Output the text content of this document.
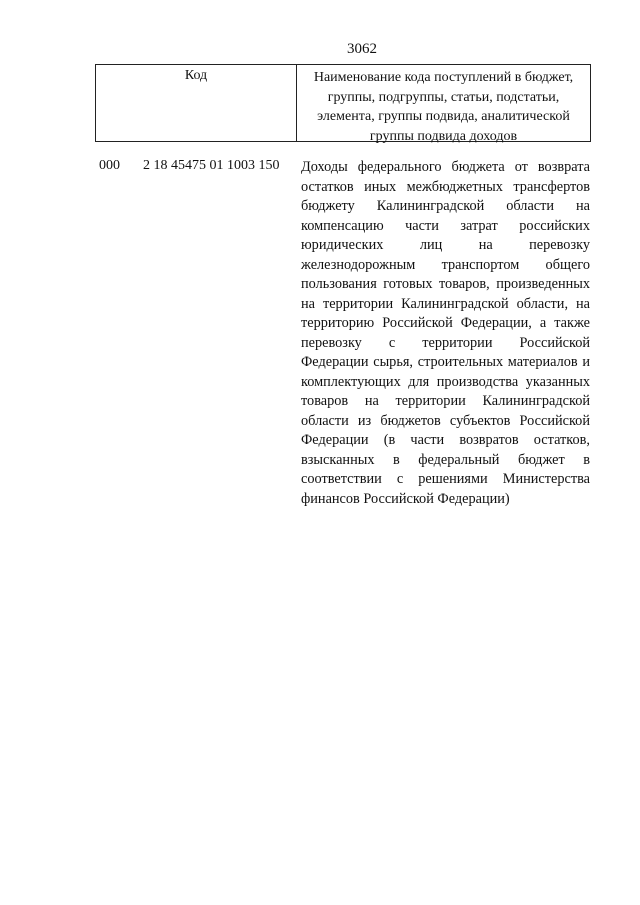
3062
Код	Наименование кода поступлений в бюджет, группы, подгруппы, статьи, подстатьи, элемента, группы подвида, аналитической группы подвида доходов
000 2 18 45475 01 1003 150 Доходы федерального бюджета от возврата остатков иных межбюджетных трансфертов бюджету Калининградской области на компенсацию части затрат российских юридических лиц на перевозку железнодорожным транспортом общего пользования готовых товаров, произведенных на территории Калининградской области, на территорию Российской Федерации, а также перевозку с территории Российской Федерации сырья, строительных материалов и комплектующих для производства указанных товаров на территории Калининградской области из бюджетов субъектов Российской Федерации (в части возвратов остатков, взысканных в федеральный бюджет в соответствии с решениями Министерства финансов Российской Федерации)
